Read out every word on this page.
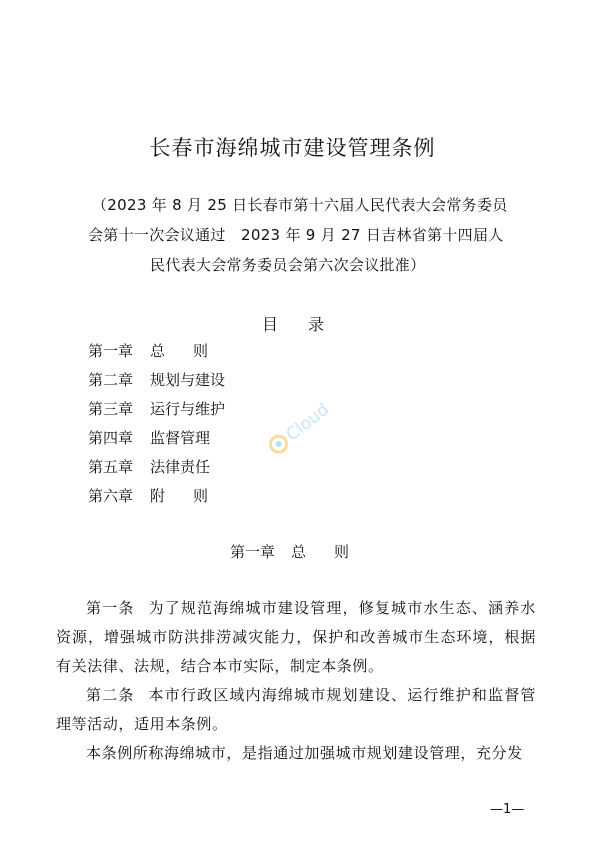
长春市海绵城市建设管理条例
（2023 年 8 月 25 日长春市第十六届人民代表大会常务委员
会第十一次会议通过　2023 年 9 月 27 日吉林省第十四届人
民代表大会常务委员会第六次会议批准）
目录
第一章 总则
第二章 规划与建设
第三章 运行与维护
第四章 监督管理
第五章 法律责任
第六章 附则
第一章 总则
第一条 为了规范海绵城市建设管理，修复城市水生态、涵养水资源，增强城市防洪排涝减灾能力，保护和改善城市生态环境，根据有关法律、法规，结合本市实际，制定本条例。
第二条 本市行政区域内海绵城市规划建设、运行维护和监督管理等活动，适用本条例。
本条例所称海绵城市，是指通过加强城市规划建设管理，充分发
—1—
Cloud
